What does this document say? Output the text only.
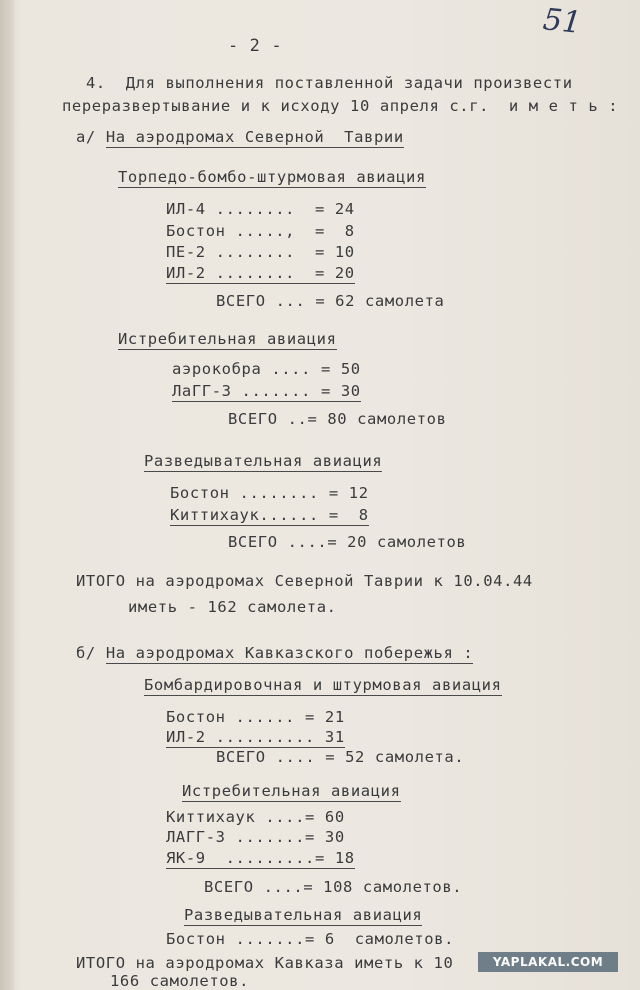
51
- 2 -
4.  Для выполнения поставленной задачи произвести
перeразвертывание и к исходу 10 апреля с.г.  и м е т ь :
а/ На аэродромах Северной  Таврии
Торпедо-бомбо-штурмовая авиация
ИЛ-4 ........  = 24
Бостон .....,  =  8
ПЕ-2 ........  = 10
ИЛ-2 ........  = 20
ВСЕГО ... = 62 самолета
Истребительная авиация
аэрокобра .... = 50
ЛаГГ-3 ....... = 30
ВСЕГО ..= 80 самолетов
Разведывательная авиация
Бостон ........ = 12
Киттихаук...... =  8
ВСЕГО ....= 20 самолетов
ИТОГО на аэродромах Северной Таврии к 10.04.44
иметь - 162 самолета.
б/ На аэродромах Кавказского побережья :
Бомбардировочная и штурмовая авиация
Бостон ...... = 21
ИЛ-2 .......... 31
ВСЕГО .... = 52 самолета.
Истребительная авиация
Киттихаук ....= 60
ЛАГГ-3 .......= 30
ЯК-9  .........= 18
ВСЕГО ....= 108 самолетов.
Разведывательная авиация
Бостон .......= 6  самолетов.
ИТОГО на аэродромах Кавказа иметь к 10
166 самолетов.
YAPLAKAL.COM
